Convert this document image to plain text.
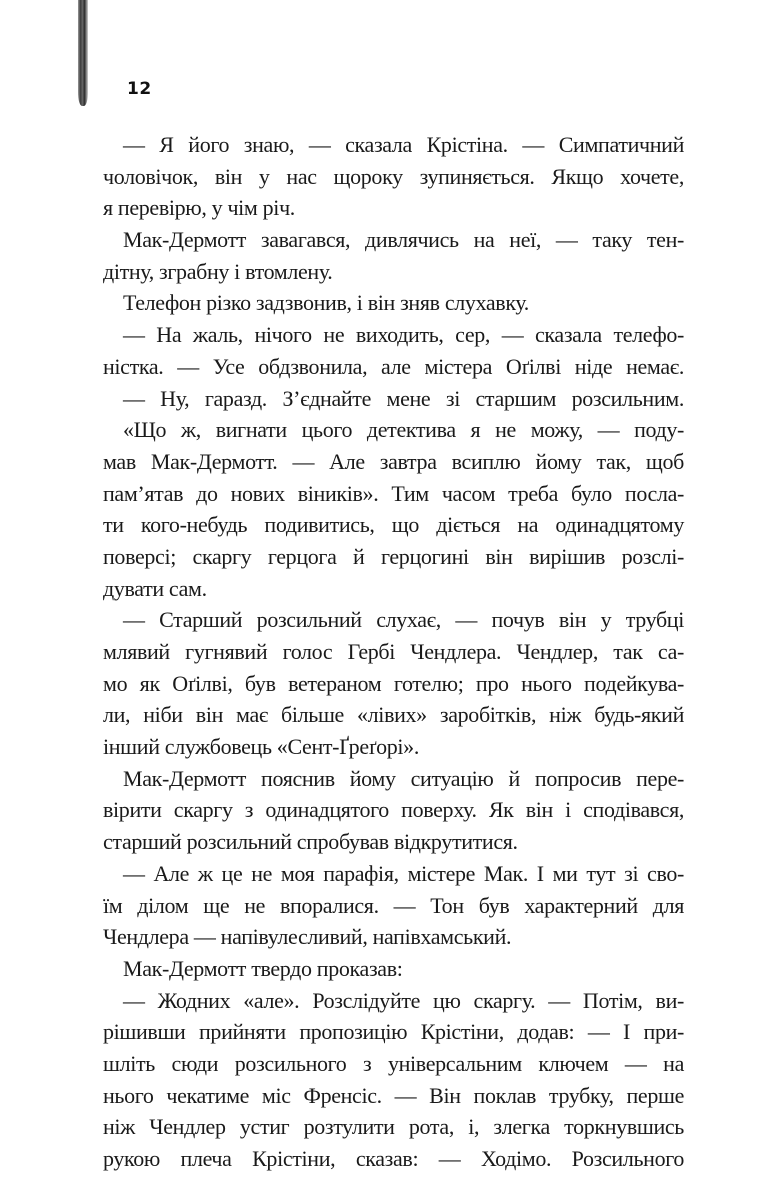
12
— Я його знаю, — сказала Крістіна. — Симпатичний
чоловічок, він у нас щороку зупиняється. Якщо хочете,
я перевірю, у чім річ.
Мак-Дермотт завагався, дивлячись на неї, — таку тен-
дітну, зграбну і втомлену.
Телефон різко задзвонив, і він зняв слухавку.
— На жаль, нічого не виходить, сер, — сказала телефо-
ністка. — Усе обдзвонила, але містера Оґілві ніде немає.
— Ну, гаразд. З’єднайте мене зі старшим розсильним.
«Що ж, вигнати цього детектива я не можу, — поду-
мав Мак-Дермотт. — Але завтра всиплю йому так, щоб
пам’ятав до нових віників». Тим часом треба було посла-
ти кого-небудь подивитись, що діється на одинадцятому
поверсі; скаргу герцога й герцогині він вирішив розслі-
дувати сам.
— Старший розсильний слухає, — почув він у трубці
млявий гугнявий голос Гербі Чендлера. Чендлер, так са-
мо як Оґілві, був ветераном готелю; про нього подейкува-
ли, ніби він має більше «лівих» заробітків, ніж будь-який
інший службовець «Сент-Ґреґорі».
Мак-Дермотт пояснив йому ситуацію й попросив пере-
вірити скаргу з одинадцятого поверху. Як він і сподівався,
старший розсильний спробував відкрутитися.
— Але ж це не моя парафія, містере Мак. І ми тут зі сво-
їм ділом ще не впоралися. — Тон був характерний для
Чендлера — напівулесливий, напівхамський.
Мак-Дермотт твердо проказав:
— Жодних «але». Розслідуйте цю скаргу. — Потім, ви-
рішивши прийняти пропозицію Крістіни, додав: — І при-
шліть сюди розсильного з універсальним ключем — на
нього чекатиме міс Френсіс. — Він поклав трубку, перше
ніж Чендлер устиг розтулити рота, і, злегка торкнувшись
рукою плеча Крістіни, сказав: — Ходімо. Розсильного
